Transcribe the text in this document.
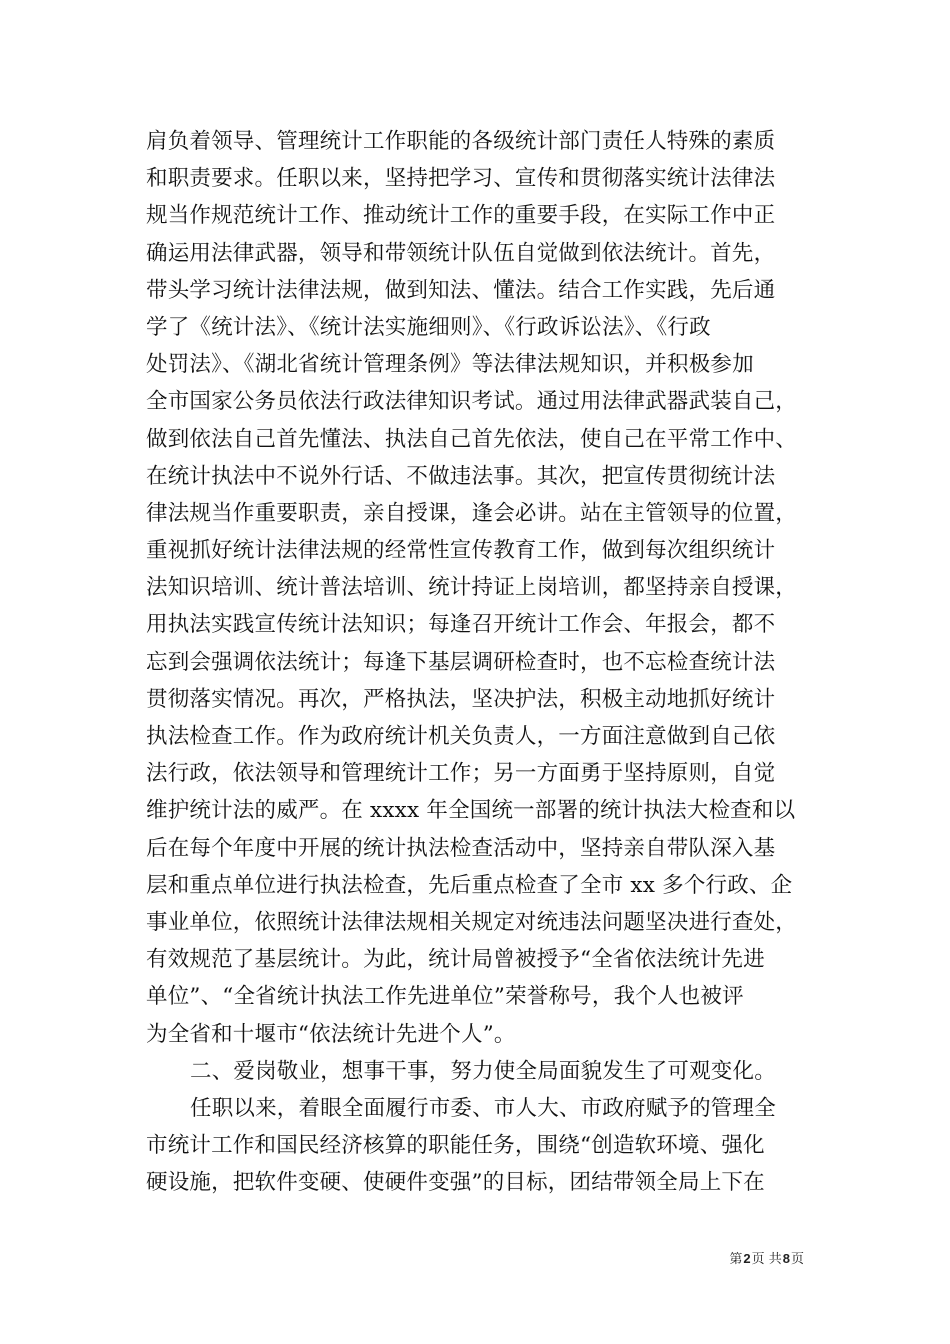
肩负着领导、管理统计工作职能的各级统计部门责任人特殊的素质
和职责要求。任职以来，坚持把学习、宣传和贯彻落实统计法律法
规当作规范统计工作、推动统计工作的重要手段，在实际工作中正
确运用法律武器，领导和带领统计队伍自觉做到依法统计。首先，
带头学习统计法律法规，做到知法、懂法。结合工作实践，先后通
学了《统计法》、《统计法实施细则》、《行政诉讼法》、《行政
处罚法》、《湖北省统计管理条例》等法律法规知识，并积极参加
全市国家公务员依法行政法律知识考试。通过用法律武器武装自己，
做到依法自己首先懂法、执法自己首先依法，使自己在平常工作中、
在统计执法中不说外行话、不做违法事。其次，把宣传贯彻统计法
律法规当作重要职责，亲自授课，逢会必讲。站在主管领导的位置，
重视抓好统计法律法规的经常性宣传教育工作，做到每次组织统计
法知识培训、统计普法培训、统计持证上岗培训，都坚持亲自授课，
用执法实践宣传统计法知识；每逢召开统计工作会、年报会，都不
忘到会强调依法统计；每逢下基层调研检查时，也不忘检查统计法
贯彻落实情况。再次，严格执法，坚决护法，积极主动地抓好统计
执法检查工作。作为政府统计机关负责人，一方面注意做到自己依
法行政，依法领导和管理统计工作；另一方面勇于坚持原则，自觉
维护统计法的威严。在 xxxx 年全国统一部署的统计执法大检查和以
后在每个年度中开展的统计执法检查活动中，坚持亲自带队深入基
层和重点单位进行执法检查，先后重点检查了全市 xx 多个行政、企
事业单位，依照统计法律法规相关规定对统违法问题坚决进行查处，
有效规范了基层统计。为此，统计局曾被授予“全省依法统计先进
单位”、“全省统计执法工作先进单位”荣誉称号，我个人也被评
为全省和十堰市“依法统计先进个人”。
二、爱岗敬业，想事干事，努力使全局面貌发生了可观变化。
任职以来，着眼全面履行市委、市人大、市政府赋予的管理全
市统计工作和国民经济核算的职能任务，围绕“创造软环境、强化
硬设施，把软件变硬、使硬件变强”的目标，团结带领全局上下在
第2页 共8页
